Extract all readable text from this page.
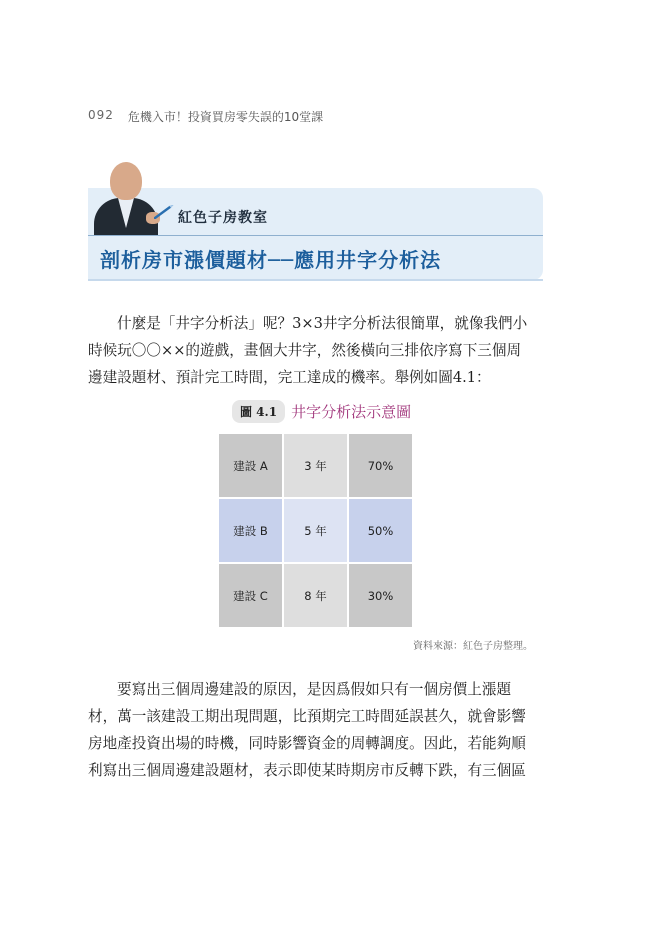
092 危機入市！投資買房零失誤的10堂課
紅色子房教室
剖析房市漲價題材──應用井字分析法
什麼是「井字分析法」呢？3×3井字分析法很簡單，就像我們小
時候玩〇〇××的遊戲，畫個大井字，然後橫向三排依序寫下三個周
邊建設題材、預計完工時間，完工達成的機率。舉例如圖4.1：
圖 4.1 井字分析法示意圖
建設 A	3 年	70%
建設 B	5 年	50%
建設 C	8 年	30%
資料來源：紅色子房整理。
要寫出三個周邊建設的原因，是因爲假如只有一個房價上漲題
材，萬一該建設工期出現問題，比預期完工時間延誤甚久，就會影響
房地產投資出場的時機，同時影響資金的周轉調度。因此，若能夠順
利寫出三個周邊建設題材，表示即使某時期房市反轉下跌，有三個區
